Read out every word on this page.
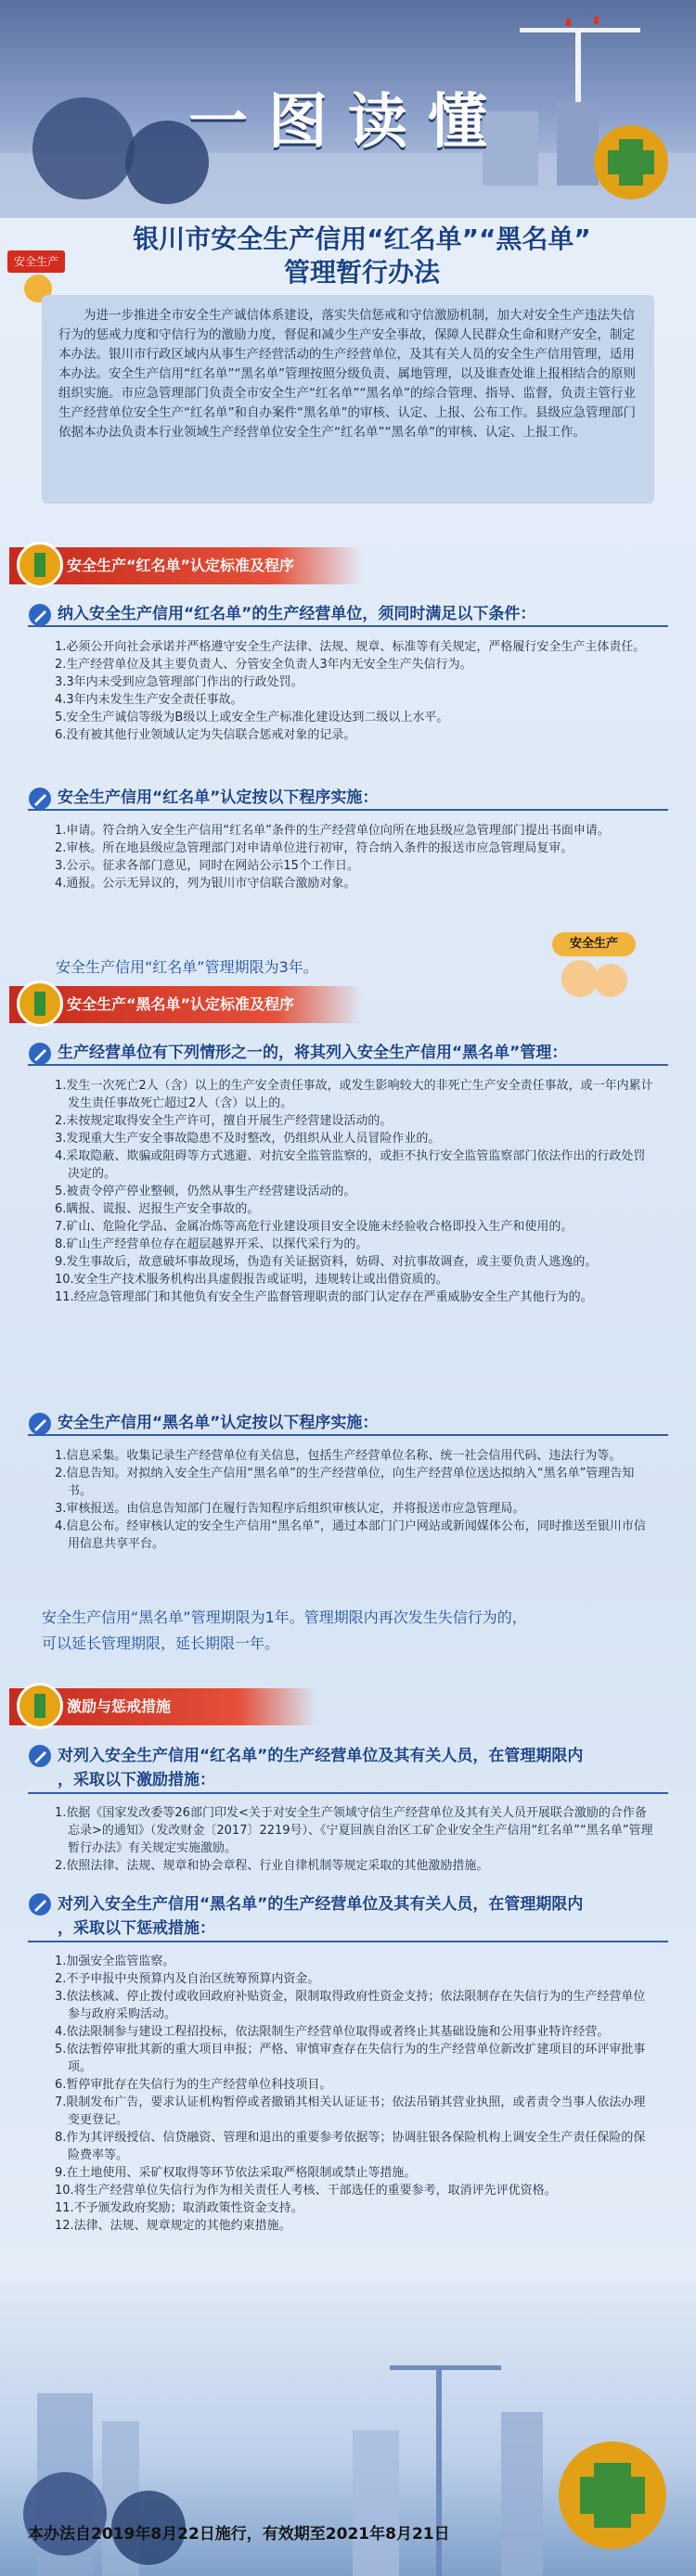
一图读懂
安全生产
银川市安全生产信用“红名单”“黑名单”
管理暂行办法
为进一步推进全市安全生产诚信体系建设，落实失信惩戒和守信激励机制，加大对安全生产违法失信行为的惩戒力度和守信行为的激励力度，督促和减少生产安全事故，保障人民群众生命和财产安全，制定本办法。银川市行政区域内从事生产经营活动的生产经营单位，及其有关人员的安全生产信用管理，适用本办法。安全生产信用“红名单”“黑名单”管理按照分级负责、属地管理，以及谁查处谁上报相结合的原则组织实施。市应急管理部门负责全市安全生产“红名单”“黑名单”的综合管理、指导、监督，负责主管行业生产经营单位安全生产“红名单”和自办案件“黑名单”的审核、认定、上报、公布工作。县级应急管理部门依据本办法负责本行业领域生产经营单位安全生产“红名单”“黑名单”的审核、认定、上报工作。
安全生产“红名单”认定标准及程序
纳入安全生产信用“红名单”的生产经营单位，须同时满足以下条件：
1.必须公开向社会承诺并严格遵守安全生产法律、法规、规章、标准等有关规定，严格履行安全生产主体责任。
2.生产经营单位及其主要负责人、分管安全负责人3年内无安全生产失信行为。
3.3年内未受到应急管理部门作出的行政处罚。
4.3年内未发生生产安全责任事故。
5.安全生产诚信等级为B级以上或安全生产标准化建设达到二级以上水平。
6.没有被其他行业领域认定为失信联合惩戒对象的记录。
安全生产信用“红名单”认定按以下程序实施：
1.申请。符合纳入安全生产信用“红名单”条件的生产经营单位向所在地县级应急管理部门提出书面申请。
2.审核。所在地县级应急管理部门对申请单位进行初审，符合纳入条件的报送市应急管理局复审。
3.公示。征求各部门意见，同时在网站公示15个工作日。
4.通报。公示无异议的，列为银川市守信联合激励对象。
安全生产信用“红名单”管理期限为3年。
安全生产
安全生产“黑名单”认定标准及程序
生产经营单位有下列情形之一的，将其列入安全生产信用“黑名单”管理：
1.发生一次死亡2人（含）以上的生产安全责任事故，或发生影响较大的非死亡生产安全责任事故，或一年内累计发生责任事故死亡超过2人（含）以上的。
2.未按规定取得安全生产许可，擅自开展生产经营建设活动的。
3.发现重大生产安全事故隐患不及时整改，仍组织从业人员冒险作业的。
4.采取隐蔽、欺骗或阻碍等方式逃避、对抗安全监管监察的，或拒不执行安全监管监察部门依法作出的行政处罚决定的。
5.被责令停产停业整顿，仍然从事生产经营建设活动的。
6.瞒报、谎报、迟报生产安全事故的。
7.矿山、危险化学品、金属冶炼等高危行业建设项目安全设施未经验收合格即投入生产和使用的。
8.矿山生产经营单位存在超层越界开采、以探代采行为的。
9.发生事故后，故意破坏事故现场，伪造有关证据资料，妨碍、对抗事故调查，或主要负责人逃逸的。
10.安全生产技术服务机构出具虚假报告或证明，违规转让或出借资质的。
11.经应急管理部门和其他负有安全生产监督管理职责的部门认定存在严重威胁安全生产其他行为的。
安全生产信用“黑名单”认定按以下程序实施：
1.信息采集。收集记录生产经营单位有关信息，包括生产经营单位名称、统一社会信用代码、违法行为等。
2.信息告知。对拟纳入安全生产信用“黑名单”的生产经营单位，向生产经营单位送达拟纳入“黑名单”管理告知书。
3.审核报送。由信息告知部门在履行告知程序后组织审核认定，并将报送市应急管理局。
4.信息公布。经审核认定的安全生产信用“黑名单”，通过本部门门户网站或新闻媒体公布，同时推送至银川市信用信息共享平台。
安全生产信用“黑名单”管理期限为1年。管理期限内再次发生失信行为的，
可以延长管理期限，延长期限一年。
激励与惩戒措施
对列入安全生产信用“红名单”的生产经营单位及其有关人员，在管理期限内
，采取以下激励措施：
1.依据《国家发改委等26部门印发<关于对安全生产领域守信生产经营单位及其有关人员开展联合激励的合作备忘录>的通知》（发改财金〔2017〕2219号）、《宁夏回族自治区工矿企业安全生产信用“红名单”“黑名单”管理暂行办法》有关规定实施激励。
2.依照法律、法规、规章和协会章程、行业自律机制等规定采取的其他激励措施。
对列入安全生产信用“黑名单”的生产经营单位及其有关人员，在管理期限内
，采取以下惩戒措施：
1.加强安全监管监察。
2.不予申报中央预算内及自治区统筹预算内资金。
3.依法核减、停止拨付或收回政府补贴资金，限制取得政府性资金支持；依法限制存在失信行为的生产经营单位参与政府采购活动。
4.依法限制参与建设工程招投标，依法限制生产经营单位取得或者终止其基础设施和公用事业特许经营。
5.依法暂停审批其新的重大项目申报；严格、审慎审查存在失信行为的生产经营单位新改扩建项目的环评审批事项。
6.暂停审批存在失信行为的生产经营单位科技项目。
7.限制发布广告，要求认证机构暂停或者撤销其相关认证证书；依法吊销其营业执照，或者责令当事人依法办理变更登记。
8.作为其评级授信、信贷融资、管理和退出的重要参考依据等；协调驻银各保险机构上调安全生产责任保险的保险费率等。
9.在土地使用、采矿权取得等环节依法采取严格限制或禁止等措施。
10.将生产经营单位失信行为作为相关责任人考核、干部选任的重要参考，取消评先评优资格。
11.不予颁发政府奖励；取消政策性资金支持。
12.法律、法规、规章规定的其他约束措施。
本办法自2019年8月22日施行，有效期至2021年8月21日
